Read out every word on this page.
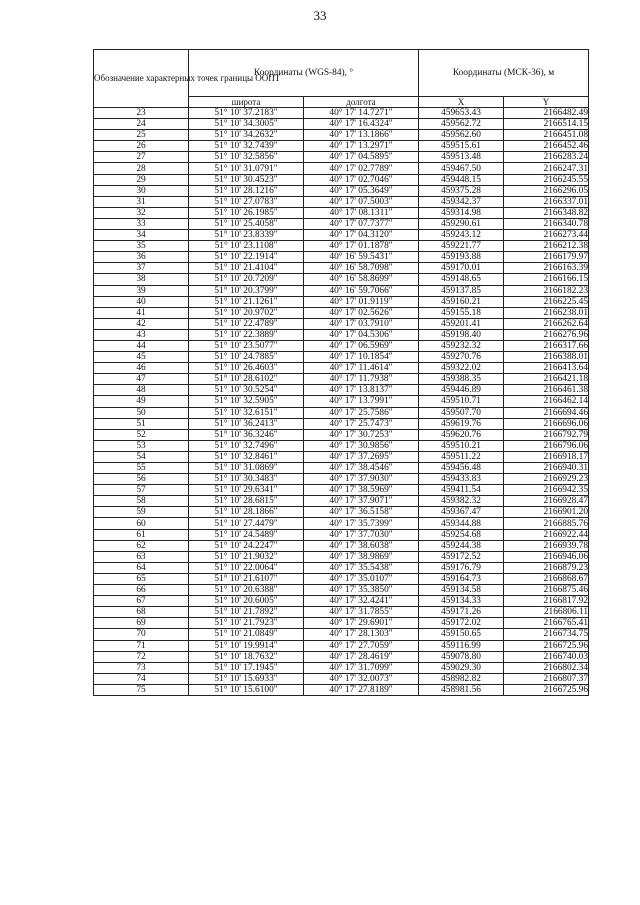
33
Обозначение характерных точек границы ООПТ	Координаты (WGS-84), °		Координаты (МСК-36), м	
	широта	долгота	X	Y
23	51° 10' 37.2183"	40° 17' 14.7271"	459653.43	2166482.49
24	51° 10' 34.3005"	40° 17' 16.4324"	459562.72	2166514.15
25	51° 10' 34.2632"	40° 17' 13.1866"	459562.60	2166451.08
26	51° 10' 32.7439"	40° 17' 13.2971"	459515.61	2166452.46
27	51° 10' 32.5856"	40° 17' 04.5895"	459513.48	2166283.24
28	51° 10' 31.0791"	40° 17' 02.7789"	459467.50	2166247.31
29	51° 10' 30.4523"	40° 17' 02.7046"	459448.15	2166245.55
30	51° 10' 28.1216"	40° 17' 05.3649"	459375.28	2166296.05
31	51° 10' 27.0783"	40° 17' 07.5003"	459342.37	2166337.01
32	51° 10' 26.1985"	40° 17' 08.1311"	459314.98	2166348.82
33	51° 10' 25.4058"	40° 17' 07.7377"	459290.61	2166340.78
34	51° 10' 23.8339"	40° 17' 04.3120"	459243.12	2166273.44
35	51° 10' 23.1108"	40° 17' 01.1878"	459221.77	2166212.38
36	51° 10' 22.1914"	40° 16' 59.5431"	459193.88	2166179.97
37	51° 10' 21.4104"	40° 16' 58.7098"	459170.01	2166163.39
38	51° 10' 20.7209"	40° 16' 58.8699"	459148.65	2166166.15
39	51° 10' 20.3799"	40° 16' 59.7066"	459137.85	2166182.23
40	51° 10' 21.1261"	40° 17' 01.9119"	459160.21	2166225.45
41	51° 10' 20.9702"	40° 17' 02.5626"	459155.18	2166238.01
42	51° 10' 22.4789"	40° 17' 03.7910"	459201.41	2166262.64
43	51° 10' 22.3889"	40° 17' 04.5306"	459198.40	2166276.96
44	51° 10' 23.5077"	40° 17' 06.5969"	459232.32	2166317.66
45	51° 10' 24.7885"	40° 17' 10.1854"	459270.76	2166388.01
46	51° 10' 26.4603"	40° 17' 11.4614"	459322.02	2166413.64
47	51° 10' 28.6102"	40° 17' 11.7938"	459388.35	2166421.18
48	51° 10' 30.5254"	40° 17' 13.8137"	459446.89	2166461.38
49	51° 10' 32.5905"	40° 17' 13.7991"	459510.71	2166462.14
50	51° 10' 32.6151"	40° 17' 25.7586"	459507.70	2166694.46
51	51° 10' 36.2413"	40° 17' 25.7473"	459619.76	2166696.06
52	51° 10' 36.3246"	40° 17' 30.7253"	459620.76	2166792.79
53	51° 10' 32.7496"	40° 17' 30.9856"	459510.21	2166796.06
54	51° 10' 32.8461"	40° 17' 37.2695"	459511.22	2166918.17
55	51° 10' 31.0869"	40° 17' 38.4546"	459456.48	2166940.31
56	51° 10' 30.3483"	40° 17' 37.9030"	459433.83	2166929.23
57	51° 10' 29.6341"	40° 17' 38.5969"	459411.54	2166942.35
58	51° 10' 28.6815"	40° 17' 37.9071"	459382.32	2166928.47
59	51° 10' 28.1866"	40° 17' 36.5158"	459367.47	2166901.20
60	51° 10' 27.4479"	40° 17' 35.7399"	459344.88	2166885.76
61	51° 10' 24.5489"	40° 17' 37.7030"	459254.68	2166922.44
62	51° 10' 24.2247"	40° 17' 38.6038"	459244.38	2166939.78
63	51° 10' 21.9032"	40° 17' 38.9869"	459172.52	2166946.06
64	51° 10' 22.0064"	40° 17' 35.5438"	459176.79	2166879.23
65	51° 10' 21.6107"	40° 17' 35.0107"	459164.73	2166868.67
66	51° 10' 20.6388"	40° 17' 35.3850"	459134.58	2166875.46
67	51° 10' 20.6005"	40° 17' 32.4241"	459134.33	2166817.92
68	51° 10' 21.7892"	40° 17' 31.7855"	459171.26	2166806.11
69	51° 10' 21.7923"	40° 17' 29.6901"	459172.02	2166765.41
70	51° 10' 21.0849"	40° 17' 28.1303"	459150.65	2166734.75
71	51° 10' 19.9914"	40° 17' 27.7059"	459116.99	2166725.96
72	51° 10' 18.7632"	40° 17' 28.4619"	459078.80	2166740.03
73	51° 10' 17.1945"	40° 17' 31.7099"	459029.30	2166802.34
74	51° 10' 15.6933"	40° 17' 32.0073"	458982.82	2166807.37
75	51° 10' 15.6100"	40° 17' 27.8189"	458981.56	2166725.96
